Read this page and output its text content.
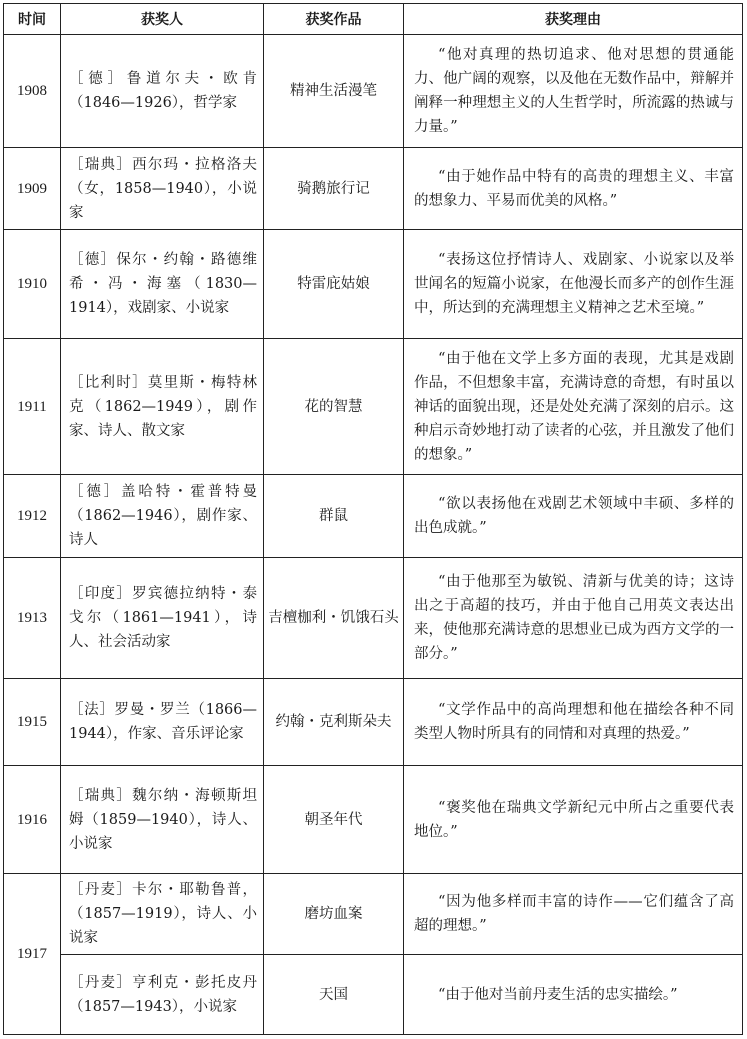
时间	获奖人	获奖作品	获奖理由
1908	［德］鲁道尔夫・欧肯（1846—1926），哲学家	精神生活漫笔	“他对真理的热切追求、他对思想的贯通能力、他广阔的观察，以及他在无数作品中，辩解并阐释一种理想主义的人生哲学时，所流露的热诚与力量。”
1909	［瑞典］西尔玛・拉格洛夫（女，1858—1940），小说家	骑鹅旅行记	“由于她作品中特有的高贵的理想主义、丰富的想象力、平易而优美的风格。”
1910	［德］保尔・约翰・路德维希・冯・海塞（1830—1914），戏剧家、小说家	特雷庇姑娘	“表扬这位抒情诗人、戏剧家、小说家以及举世闻名的短篇小说家，在他漫长而多产的创作生涯中，所达到的充满理想主义精神之艺术至境。”
1911	［比利时］莫里斯・梅特林克（1862—1949），剧作家、诗人、散文家	花的智慧	“由于他在文学上多方面的表现，尤其是戏剧作品，不但想象丰富，充满诗意的奇想，有时虽以神话的面貌出现，还是处处充满了深刻的启示。这种启示奇妙地打动了读者的心弦，并且激发了他们的想象。”
1912	［德］盖哈特・霍普特曼（1862—1946），剧作家、诗人	群鼠	“欲以表扬他在戏剧艺术领域中丰硕、多样的出色成就。”
1913	［印度］罗宾德拉纳特・泰戈尔（1861—1941），诗人、社会活动家	吉檀枷利・饥饿石头	“由于他那至为敏锐、清新与优美的诗；这诗出之于高超的技巧，并由于他自己用英文表达出来，使他那充满诗意的思想业已成为西方文学的一部分。”
1915	［法］罗曼・罗兰（1866—1944），作家、音乐评论家	约翰・克利斯朵夫	“文学作品中的高尚理想和他在描绘各种不同类型人物时所具有的同情和对真理的热爱。”
1916	［瑞典］魏尔纳・海顿斯坦姆（1859—1940），诗人、小说家	朝圣年代	“褒奖他在瑞典文学新纪元中所占之重要代表地位。”
1917	［丹麦］卡尔・耶勒鲁普，（1857—1919），诗人、小说家	磨坊血案	“因为他多样而丰富的诗作——它们蕴含了高超的理想。”
	［丹麦］亨利克・彭托皮丹（1857—1943），小说家	天国	“由于他对当前丹麦生活的忠实描绘。”
